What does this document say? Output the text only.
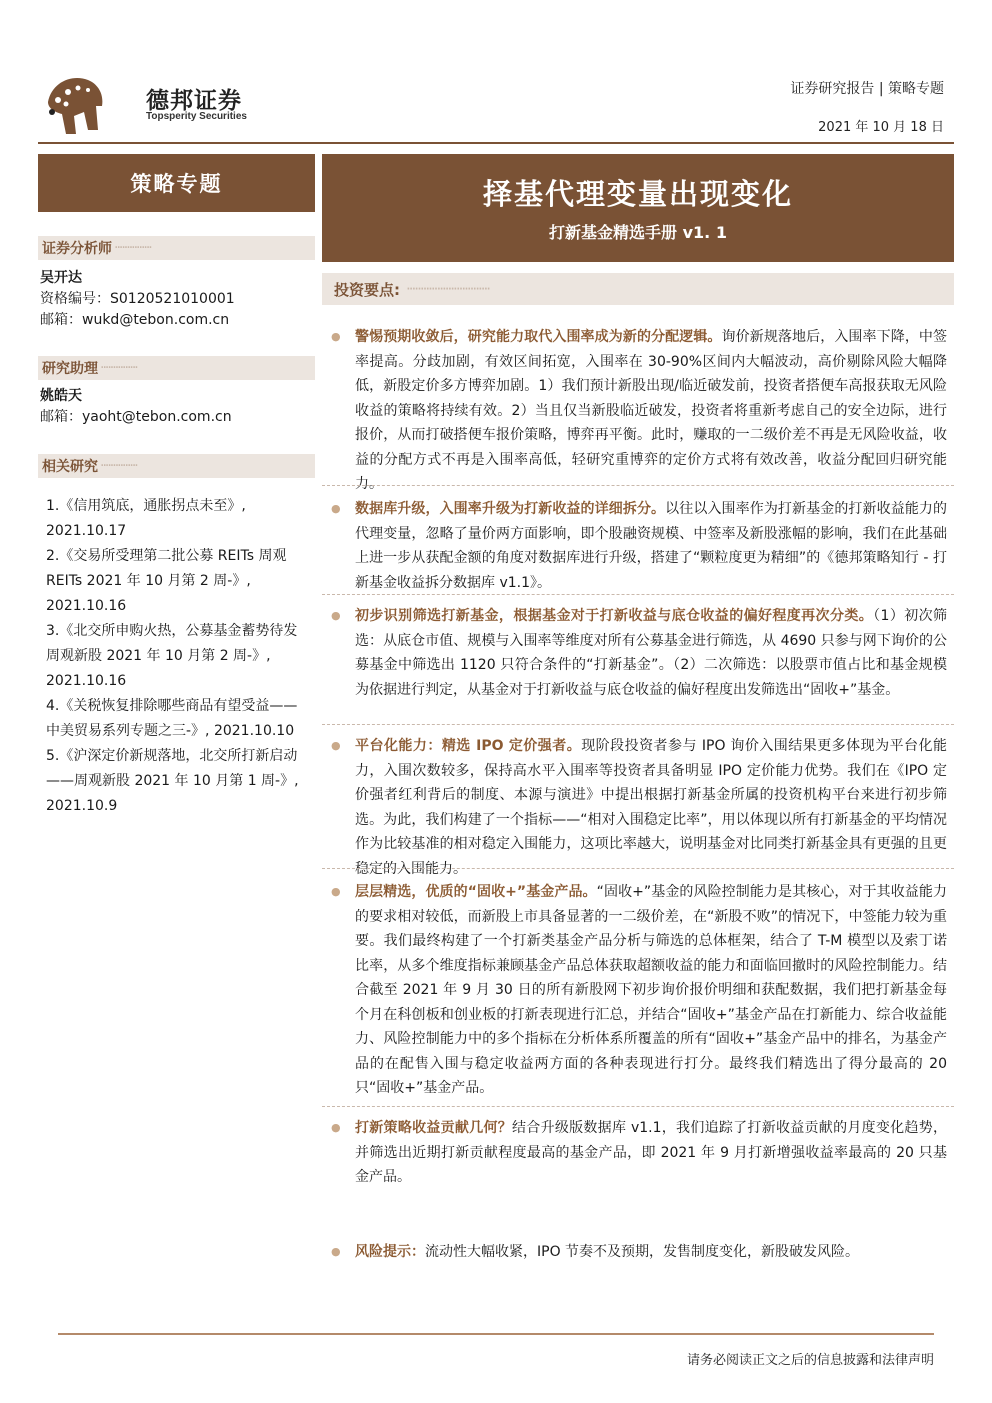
德邦证券
Topsperity Securities
证券研究报告 | 策略专题
2021 年 10 月 18 日
策略专题
证券分析师 ···············
吴开达
资格编号：S0120521010001
邮箱：wukd@tebon.com.cn
研究助理 ···············
姚皓天
邮箱：yaoht@tebon.com.cn
相关研究 ···············
1.《信用筑底，通胀拐点未至》, 2021.10.17
2.《交易所受理第二批公募 REITs 周观 REITs 2021 年 10 月第 2 周-》, 2021.10.16
3.《北交所申购火热，公募基金蓄势待发周观新股 2021 年 10 月第 2 周-》, 2021.10.16
4.《关税恢复排除哪些商品有望受益——中美贸易系列专题之三-》, 2021.10.10
5.《沪深定价新规落地，北交所打新启动——周观新股 2021 年 10 月第 1 周-》, 2021.10.9
择基代理变量出现变化
打新基金精选手册 v1. 1
投资要点: ······························
● 警惕预期收敛后，研究能力取代入围率成为新的分配逻辑。询价新规落地后，入围率下降，中签率提高。分歧加剧，有效区间拓宽，入围率在 30-90%区间内大幅波动，高价剔除风险大幅降低，新股定价多方博弈加剧。1）我们预计新股出现/临近破发前，投资者搭便车高报获取无风险收益的策略将持续有效。2）当且仅当新股临近破发，投资者将重新考虑自己的安全边际，进行报价，从而打破搭便车报价策略，博弈再平衡。此时，赚取的一二级价差不再是无风险收益，收益的分配方式不再是入围率高低，轻研究重博弈的定价方式将有效改善，收益分配回归研究能力。
● 数据库升级，入围率升级为打新收益的详细拆分。以往以入围率作为打新基金的打新收益能力的代理变量，忽略了量价两方面影响，即个股融资规模、中签率及新股涨幅的影响，我们在此基础上进一步从获配金额的角度对数据库进行升级，搭建了“颗粒度更为精细”的《德邦策略知行 - 打新基金收益拆分数据库 v1.1》。
● 初步识别筛选打新基金，根据基金对于打新收益与底仓收益的偏好程度再次分类。（1）初次筛选：从底仓市值、规模与入围率等维度对所有公募基金进行筛选，从 4690 只参与网下询价的公募基金中筛选出 1120 只符合条件的“打新基金”。（2）二次筛选：以股票市值占比和基金规模为依据进行判定，从基金对于打新收益与底仓收益的偏好程度出发筛选出“固收+”基金。
● 平台化能力：精选 IPO 定价强者。现阶段投资者参与 IPO 询价入围结果更多体现为平台化能力，入围次数较多，保持高水平入围率等投资者具备明显 IPO 定价能力优势。我们在《IPO 定价强者红利背后的制度、本源与演进》中提出根据打新基金所属的投资机构平台来进行初步筛选。为此，我们构建了一个指标——“相对入围稳定比率”，用以体现以所有打新基金的平均情况作为比较基准的相对稳定入围能力，这项比率越大，说明基金对比同类打新基金具有更强的且更稳定的入围能力。
● 层层精选，优质的“固收+”基金产品。“固收+”基金的风险控制能力是其核心，对于其收益能力的要求相对较低，而新股上市具备显著的一二级价差，在“新股不败”的情况下，中签能力较为重要。我们最终构建了一个打新类基金产品分析与筛选的总体框架，结合了 T-M 模型以及索丁诺比率，从多个维度指标兼顾基金产品总体获取超额收益的能力和面临回撤时的风险控制能力。结合截至 2021 年 9 月 30 日的所有新股网下初步询价报价明细和获配数据，我们把打新基金每个月在科创板和创业板的打新表现进行汇总，并结合“固收+”基金产品在打新能力、综合收益能力、风险控制能力中的多个指标在分析体系所覆盖的所有“固收+”基金产品中的排名，为基金产品的在配售入围与稳定收益两方面的各种表现进行打分。最终我们精选出了得分最高的 20 只“固收+”基金产品。
● 打新策略收益贡献几何？结合升级版数据库 v1.1，我们追踪了打新收益贡献的月度变化趋势，并筛选出近期打新贡献程度最高的基金产品，即 2021 年 9 月打新增强收益率最高的 20 只基金产品。
● 风险提示：流动性大幅收紧，IPO 节奏不及预期，发售制度变化，新股破发风险。
请务必阅读正文之后的信息披露和法律声明
